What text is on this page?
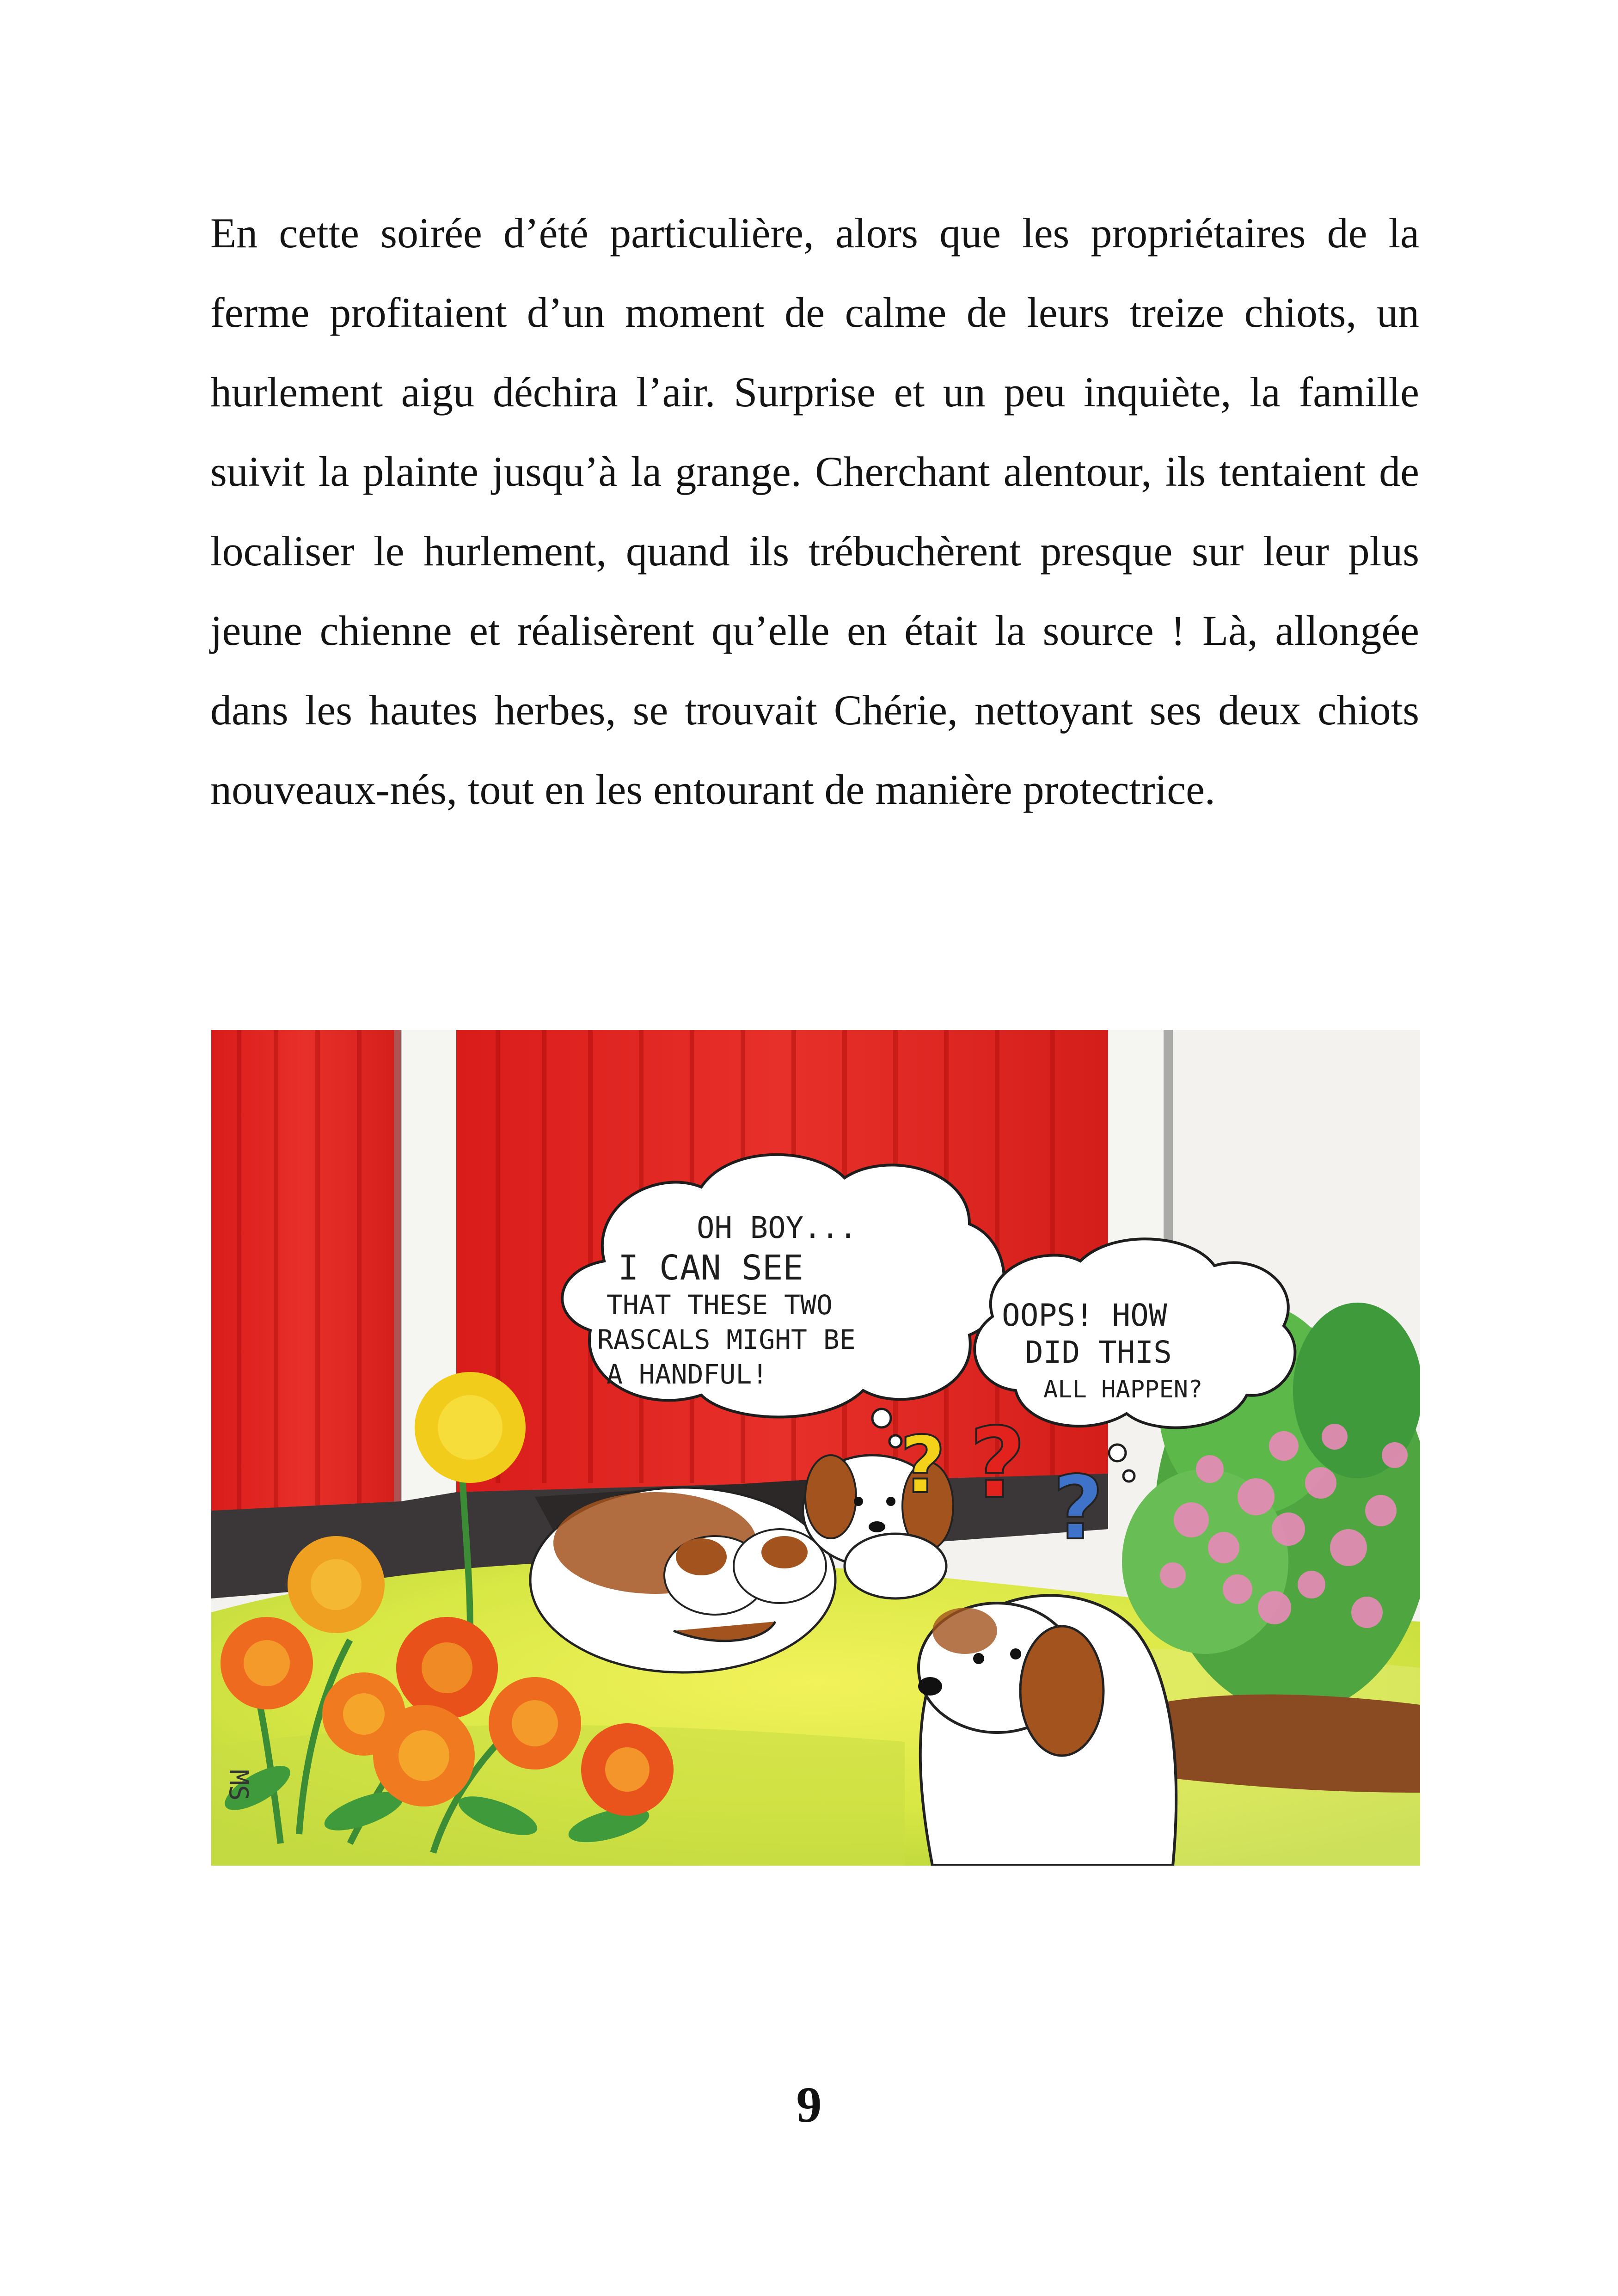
En cette soirée d’été particulière, alors que les propriétaires de la ferme profitaient d’un moment de calme de leurs treize chiots, un hurlement aigu déchira l’air. Surprise et un peu inquiète, la famille suivit la plainte jusqu’à la grange. Cherchant alentour, ils tentaient de localiser le hurlement, quand ils trébuchèrent presque sur leur plus jeune chienne et réalisèrent qu’elle en était la source ! Là, allongée dans les hautes herbes, se trouvait Chérie, nettoyant ses deux chiots nouveaux-nés, tout en les entourant de manière protectrice.

OH BOY...
I CAN SEE
THAT THESE TWO
RASCALS MIGHT BE
A HANDFUL!
OOPS! HOW
DID THIS
ALL HAPPEN?
? ? ?
MS
9
